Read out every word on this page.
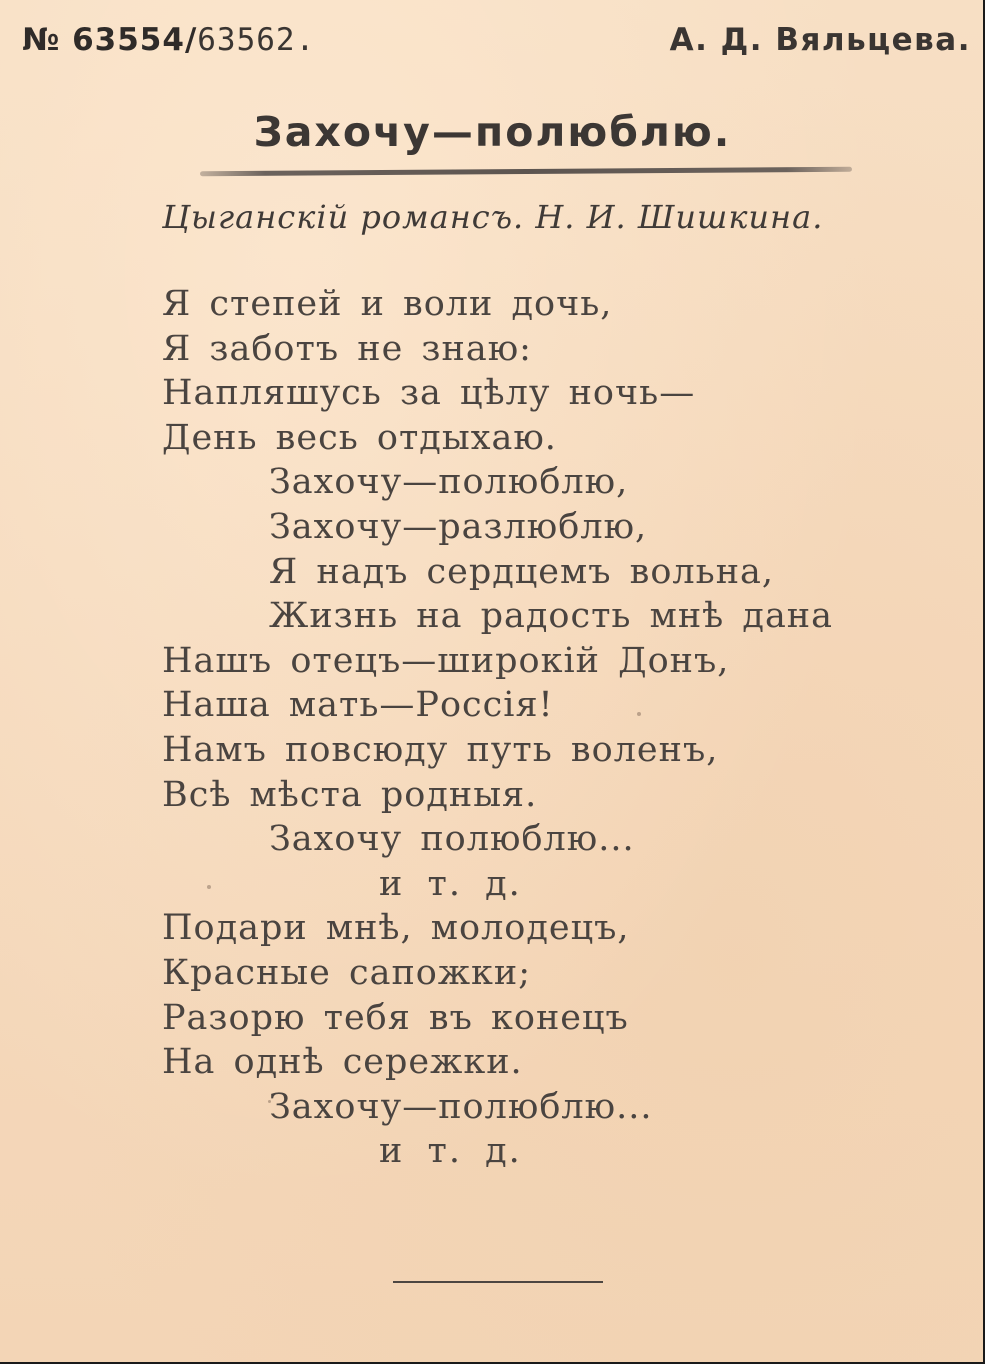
№ 63554/63562.	А. Д. Вяльцева.
Захочу—полюблю.
Цыганскій романсъ. Н. И. Шишкина.
Я степей и воли дочь,
Я заботъ не знаю:
Напляшусь за цѣлу ночь—
День весь отдыхаю.
Захочу—полюблю,
Захочу—разлюблю,
Я надъ сердцемъ вольна,
Жизнь на радость мнѣ дана
Нашъ отецъ—широкій Донъ,
Наша мать—Россія!
Намъ повсюду путь воленъ,
Всѣ мѣста родныя.
Захочу полюблю...
и т. д.
Подари мнѣ, молодецъ,
Красные сапожки;
Разорю тебя въ конецъ
На однѣ сережки.
Захочу—полюблю...
и т. д.
